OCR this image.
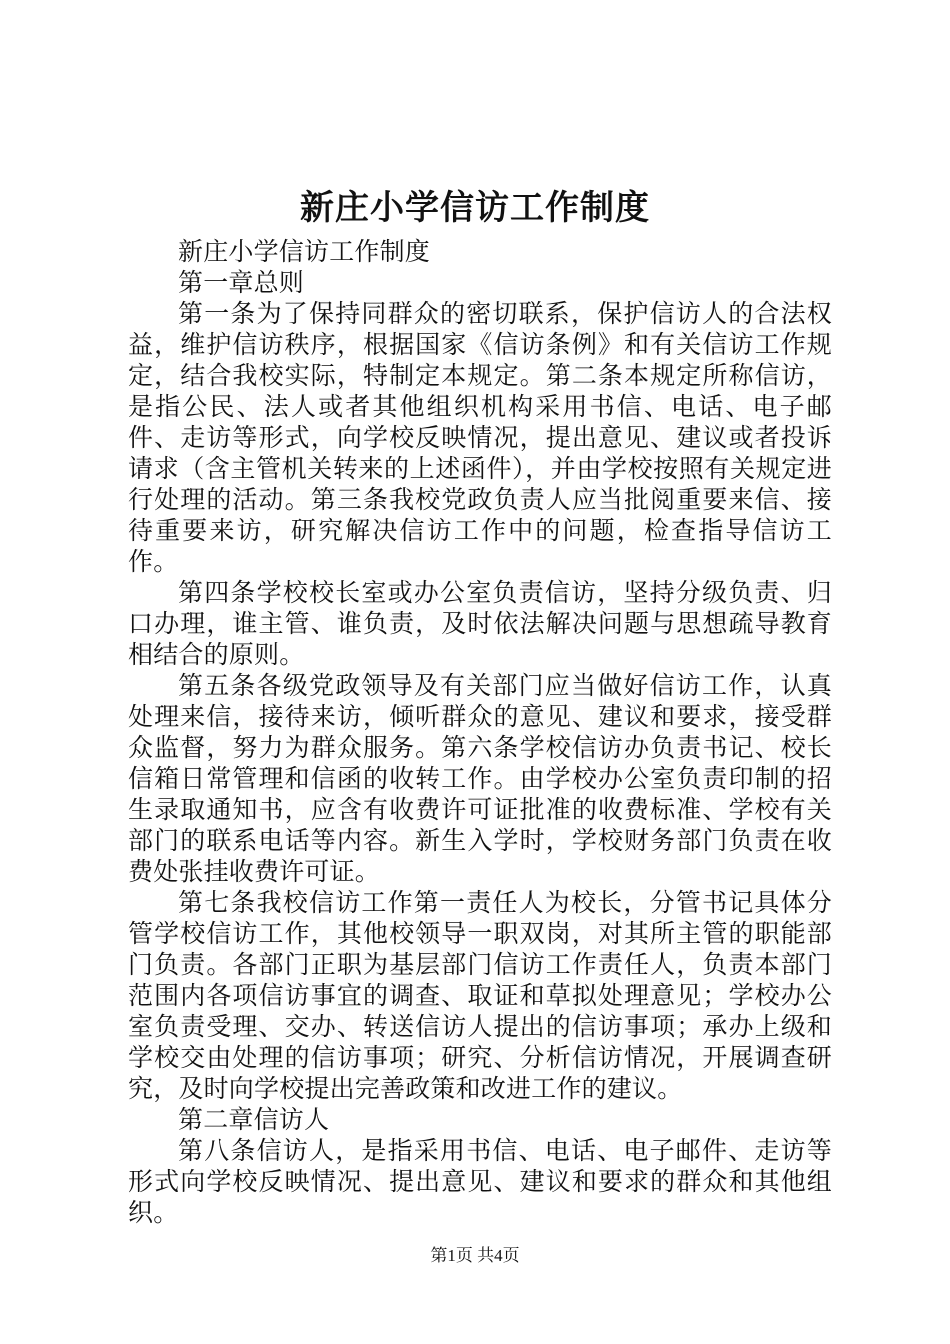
新庄小学信访工作制度

新庄小学信访工作制度

第一章总则

第一条为了保持同群众的密切联系，保护信访人的合法权益，维护信访秩序，根据国家《信访条例》和有关信访工作规定，结合我校实际，特制定本规定。第二条本规定所称信访，是指公民、法人或者其他组织机构采用书信、电话、电子邮件、走访等形式，向学校反映情况，提出意见、建议或者投诉请求（含主管机关转来的上述函件），并由学校按照有关规定进行处理的活动。第三条我校党政负责人应当批阅重要来信、接待重要来访，研究解决信访工作中的问题，检查指导信访工作。

第四条学校校长室或办公室负责信访，坚持分级负责、归口办理，谁主管、谁负责，及时依法解决问题与思想疏导教育相结合的原则。

第五条各级党政领导及有关部门应当做好信访工作，认真处理来信，接待来访，倾听群众的意见、建议和要求，接受群众监督，努力为群众服务。第六条学校信访办负责书记、校长信箱日常管理和信函的收转工作。由学校办公室负责印制的招生录取通知书，应含有收费许可证批准的收费标准、学校有关部门的联系电话等内容。新生入学时，学校财务部门负责在收费处张挂收费许可证。

第七条我校信访工作第一责任人为校长，分管书记具体分管学校信访工作，其他校领导一职双岗，对其所主管的职能部门负责。各部门正职为基层部门信访工作责任人，负责本部门范围内各项信访事宜的调查、取证和草拟处理意见；学校办公室负责受理、交办、转送信访人提出的信访事项；承办上级和学校交由处理的信访事项；研究、分析信访情况，开展调查研究，及时向学校提出完善政策和改进工作的建议。

第二章信访人

第八条信访人，是指采用书信、电话、电子邮件、走访等形式向学校反映情况、提出意见、建议和要求的群众和其他组织。

第1页 共4页
